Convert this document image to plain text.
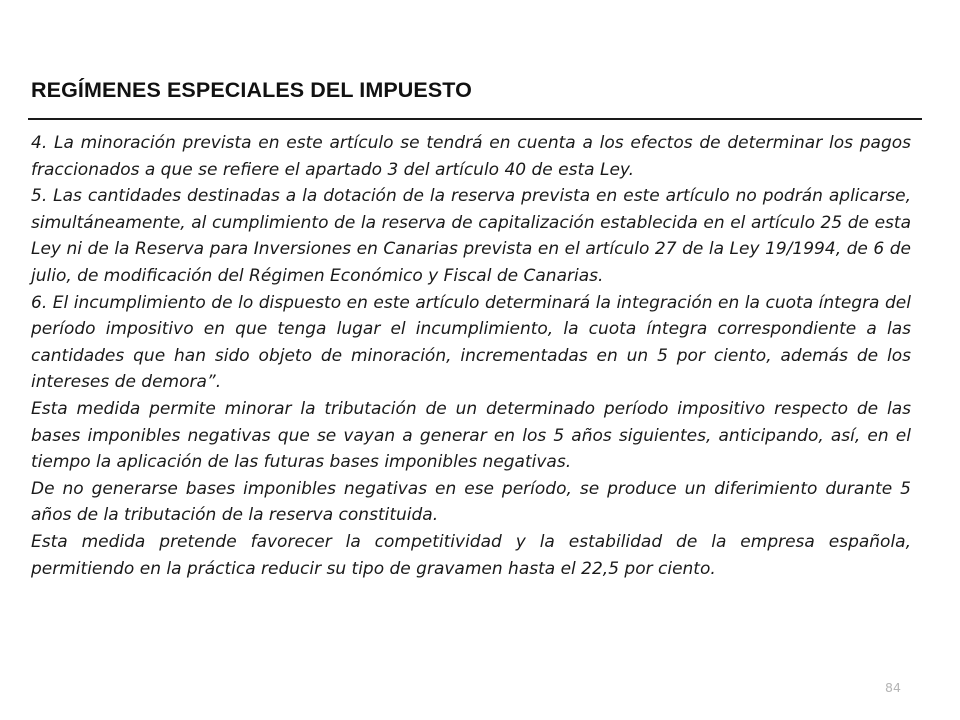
REGÍMENES ESPECIALES DEL IMPUESTO

4. La minoración prevista en este artículo se tendrá en cuenta a los efectos de determinar los pagos fraccionados a que se refiere el apartado 3 del artículo 40 de esta Ley.

5. Las cantidades destinadas a la dotación de la reserva prevista en este artículo no podrán aplicarse, simultáneamente, al cumplimiento de la reserva de capitalización establecida en el artículo 25 de esta Ley ni de la Reserva para Inversiones en Canarias prevista en el artículo 27 de la Ley 19/1994, de 6 de julio, de modificación del Régimen Económico y Fiscal de Canarias.

6. El incumplimiento de lo dispuesto en este artículo determinará la integración en la cuota íntegra del período impositivo en que tenga lugar el incumplimiento, la cuota íntegra correspondiente a las cantidades que han sido objeto de minoración, incrementadas en un 5 por ciento, además de los intereses de demora”.

Esta medida permite minorar la tributación de un determinado período impositivo respecto de las bases imponibles negativas que se vayan a generar en los 5 años siguientes, anticipando, así, en el tiempo la aplicación de las futuras bases imponibles negativas.

De no generarse bases imponibles negativas en ese período, se produce un diferimiento durante 5 años de la tributación de la reserva constituida.

Esta medida pretende favorecer la competitividad y la estabilidad de la empresa española, permitiendo en la práctica reducir su tipo de gravamen hasta el 22,5 por ciento.

84
